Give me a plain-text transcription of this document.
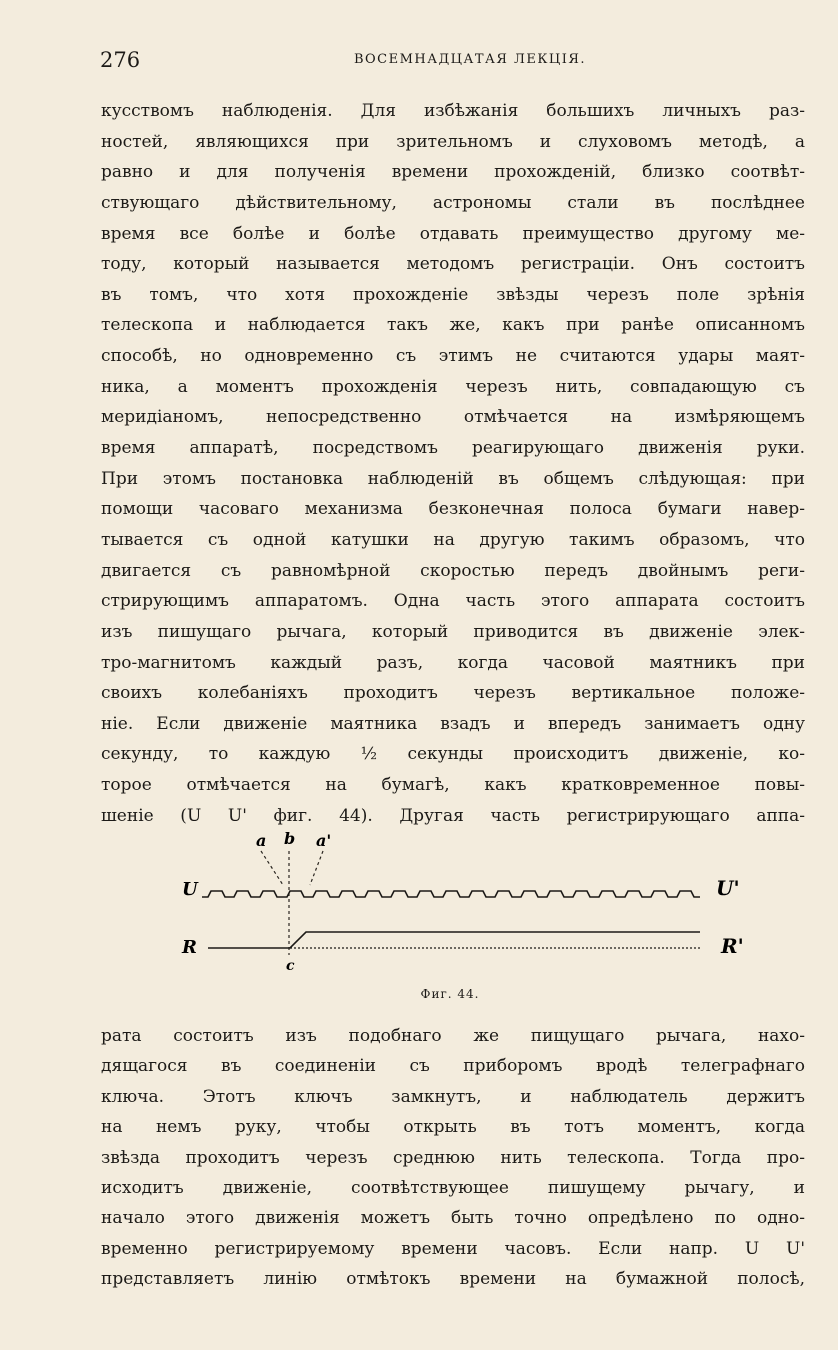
276	ВОСЕМНАДЦАТАЯ ЛЕКЦІЯ.
кусствомъ наблюденія. Для избѣжанія большихъ личныхъ раз-
ностей, являющихся при зрительномъ и слуховомъ методѣ, а
равно и для полученія времени прохожденій, близко соотвѣт-
ствующаго дѣйствительному, астрономы стали въ послѣднее
время все болѣе и болѣе отдавать преимущество другому ме-
тоду, который называется методомъ регистраціи. Онъ состоитъ
въ томъ, что хотя прохожденіе звѣзды черезъ поле зрѣнія
телескопа и наблюдается такъ же, какъ при ранѣе описанномъ
способѣ, но одновременно съ этимъ не считаются удары маят-
ника, а моментъ прохожденія черезъ нить, совпадающую съ
меридіаномъ, непосредственно отмѣчается на измѣряющемъ
время аппаратѣ, посредствомъ реагирующаго движенія руки.
При этомъ постановка наблюденій въ общемъ слѣдующая: при
помощи часоваго механизма безконечная полоса бумаги навер-
тывается съ одной катушки на другую такимъ образомъ, что
двигается съ равномѣрной скоростью передъ двойнымъ реги-
стрирующимъ аппаратомъ. Одна часть этого аппарата состоитъ
изъ пишущаго рычага, который приводится въ движеніе элек-
тро-магнитомъ каждый разъ, когда часовой маятникъ при
своихъ колебаніяхъ проходитъ черезъ вертикальное положе-
ніе. Если движеніе маятника взадъ и впередъ занимаетъ одну
секунду, то каждую ½ секунды происходитъ движеніе, ко-
торое отмѣчается на бумагѣ, какъ кратковременное повы-
шеніе (U U' фиг. 44). Другая часть регистрирующаго аппа-
a b a'
U	U'
R	R'
c
Фиг. 44.
рата состоитъ изъ подобнаго же пищущаго рычага, нахо-
дящагося въ соединеніи съ приборомъ вродѣ телеграфнаго
ключа. Этотъ ключъ замкнутъ, и наблюдатель держитъ
на немъ руку, чтобы открыть въ тотъ моментъ, когда
звѣзда проходитъ черезъ среднюю нить телескопа. Тогда про-
исходитъ движеніе, соотвѣтствующее пишущему рычагу, и
начало этого движенія можетъ быть точно опредѣлено по одно-
временно регистрируемому времени часовъ. Если напр. U U'
представляетъ линію отмѣтокъ времени на бумажной полосѣ,
